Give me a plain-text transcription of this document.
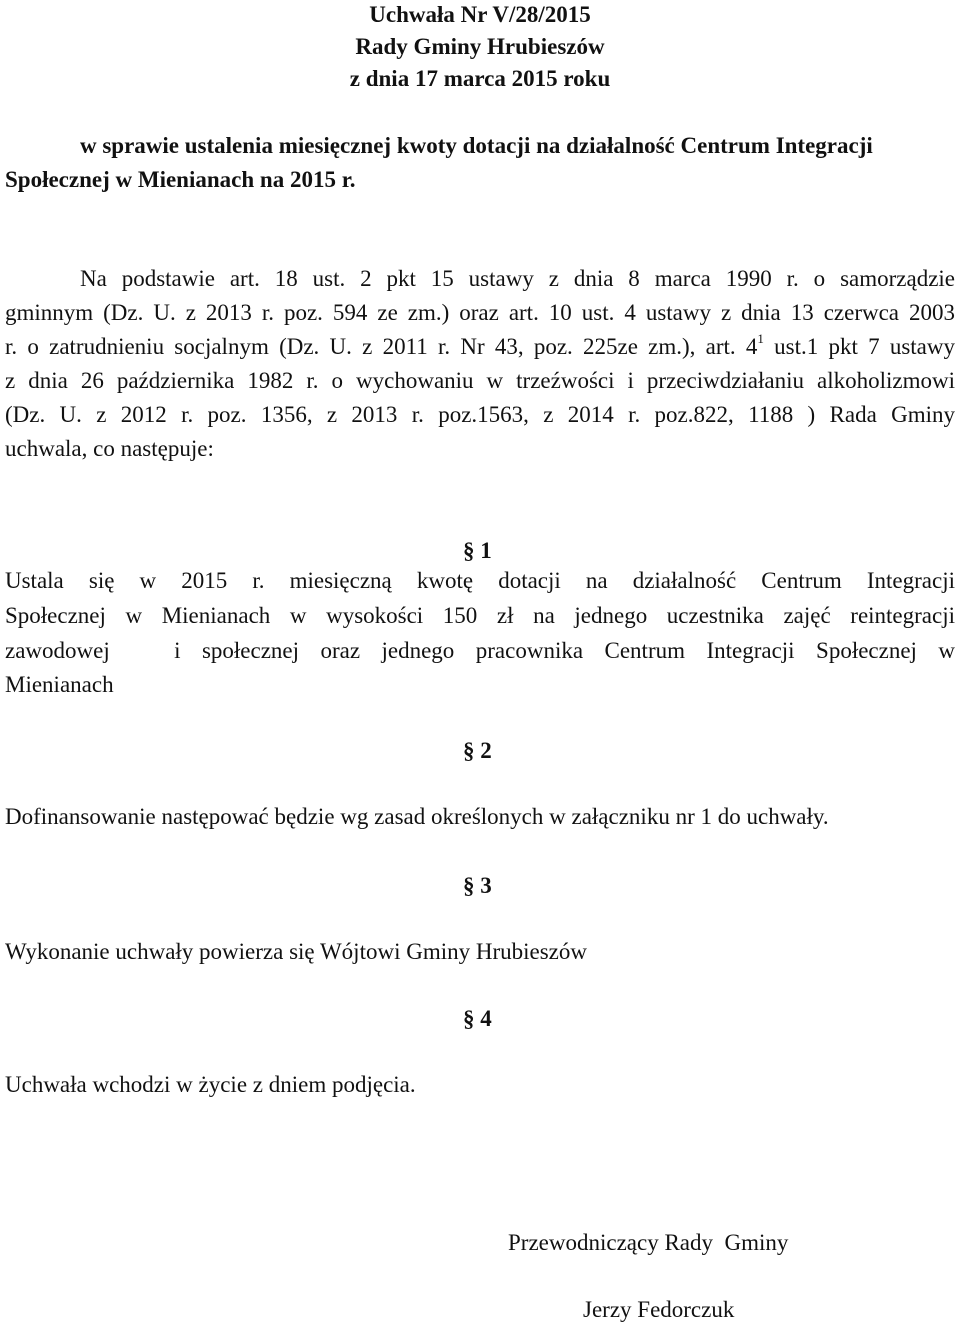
Uchwała Nr V/28/2015
Rady Gminy Hrubieszów
z dnia 17 marca 2015 roku
w sprawie ustalenia miesięcznej kwoty dotacji na działalność Centrum Integracji
Społecznej w Mienianach na 2015 r.
Na podstawie art. 18 ust. 2 pkt 15 ustawy z dnia 8 marca 1990 r. o samorządzie
gminnym (Dz. U. z 2013 r. poz. 594 ze zm.) oraz art. 10 ust. 4 ustawy z dnia 13 czerwca 2003
r. o zatrudnieniu socjalnym (Dz. U. z 2011 r. Nr 43, poz. 225ze zm.), art. $4^1$ ust.1 pkt 7 ustawy
z dnia 26 października 1982 r. o wychowaniu w trzeźwości i przeciwdziałaniu alkoholizmowi
(Dz. U. z 2012 r. poz. 1356, z 2013 r. poz.1563, z 2014 r. poz.822, 1188 ) Rada Gminy
uchwala, co następuje:
§ 1
Ustala się w 2015 r. miesięczną kwotę dotacji na działalność Centrum Integracji
Społecznej w Mienianach w wysokości 150 zł na jednego uczestnika zajęć reintegracji
zawodowej   i społecznej oraz jednego pracownika Centrum Integracji Społecznej w
Mienianach
§ 2
Dofinansowanie następować będzie wg zasad określonych w załączniku nr 1 do uchwały.
§ 3
Wykonanie uchwały powierza się Wójtowi Gminy Hrubieszów
§ 4
Uchwała wchodzi w życie z dniem podjęcia.
Przewodniczący Rady  Gminy
Jerzy Fedorczuk
